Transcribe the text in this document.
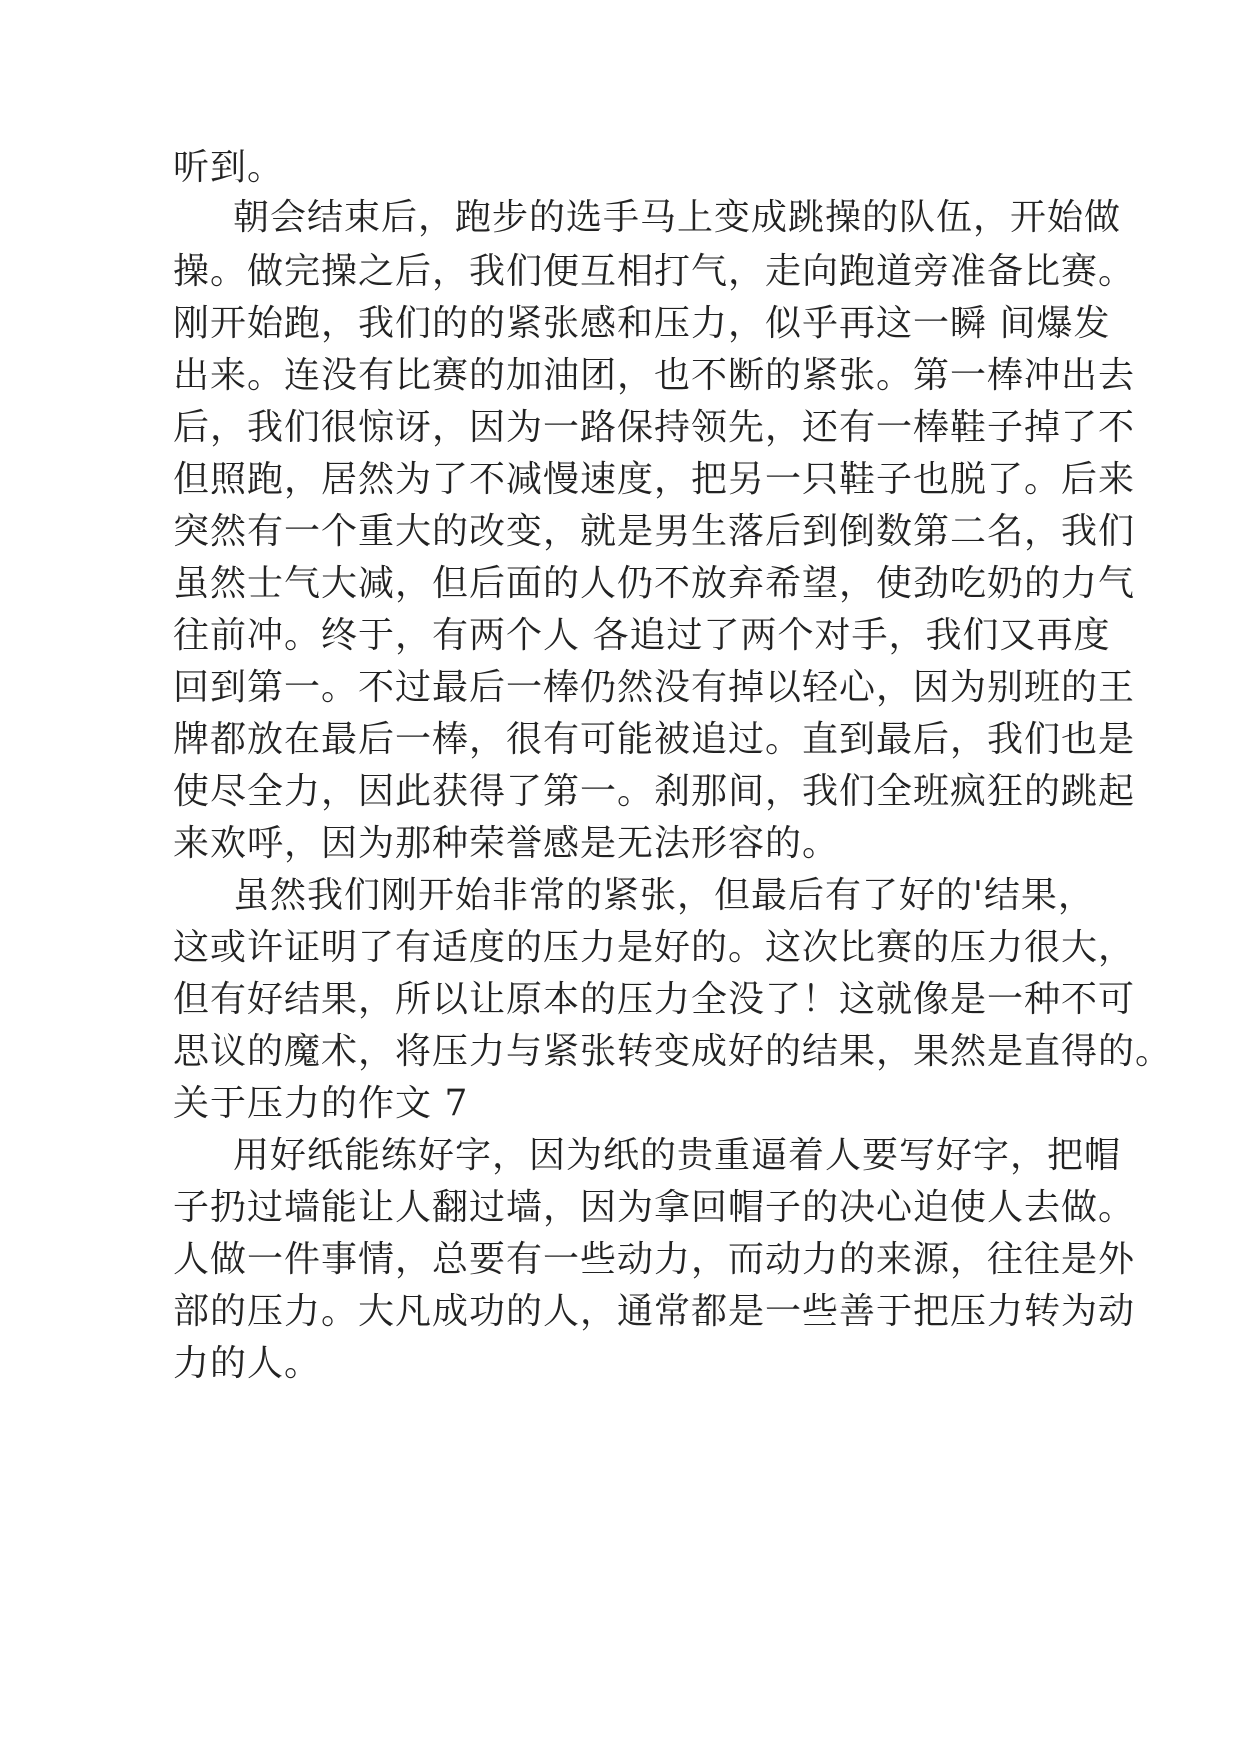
听到。
朝会结束后，跑步的选手马上变成跳操的队伍，开始做
操。做完操之后，我们便互相打气，走向跑道旁准备比赛。
刚开始跑，我们的的紧张感和压力，似乎再这一瞬 间爆发
出来。连没有比赛的加油团，也不断的紧张。第一棒冲出去
后，我们很惊讶，因为一路保持领先，还有一棒鞋子掉了不
但照跑，居然为了不减慢速度，把另一只鞋子也脱了。后来
突然有一个重大的改变，就是男生落后到倒数第二名，我们
虽然士气大减，但后面的人仍不放弃希望，使劲吃奶的力气
往前冲。终于，有两个人 各追过了两个对手，我们又再度
回到第一。不过最后一棒仍然没有掉以轻心，因为别班的王
牌都放在最后一棒，很有可能被追过。直到最后，我们也是
使尽全力，因此获得了第一。刹那间，我们全班疯狂的跳起
来欢呼，因为那种荣誉感是无法形容的。
虽然我们刚开始非常的紧张，但最后有了好的'结果，
这或许证明了有适度的压力是好的。这次比赛的压力很大，
但有好结果，所以让原本的压力全没了！这就像是一种不可
思议的魔术，将压力与紧张转变成好的结果，果然是直得的。
关于压力的作文 7
用好纸能练好字，因为纸的贵重逼着人要写好字，把帽
子扔过墙能让人翻过墙，因为拿回帽子的决心迫使人去做。
人做一件事情，总要有一些动力，而动力的来源，往往是外
部的压力。大凡成功的人，通常都是一些善于把压力转为动
力的人。
